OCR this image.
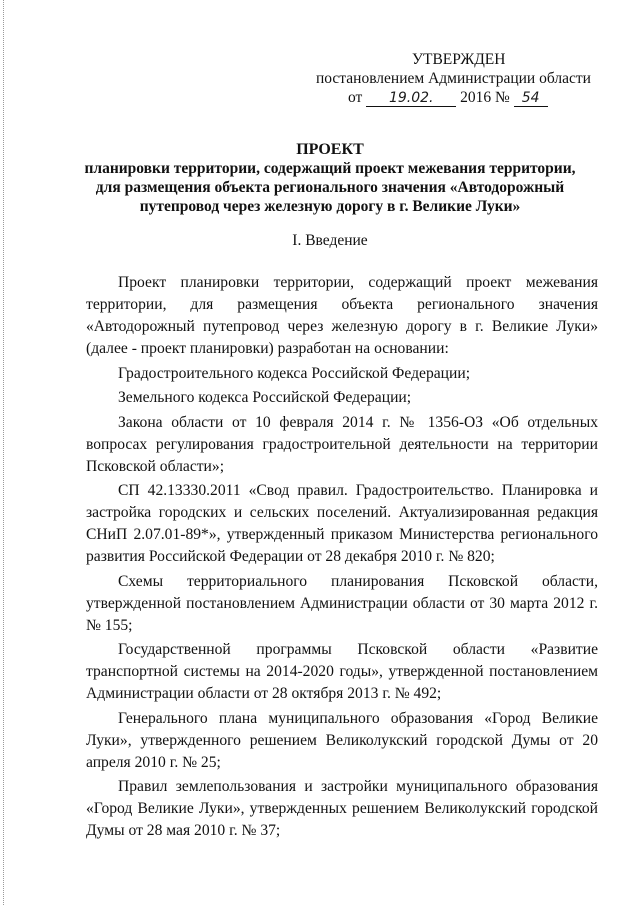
УТВЕРЖДЕН
постановлением Администрации области
от 19.02. 2016 № 54
ПРОЕКТ
планировки территории, содержащий проект межевания территории,
для размещения объекта регионального значения «Автодорожный
путепровод через железную дорогу в г. Великие Луки»
I. Введение

Проект планировки территории, содержащий проект межевания территории, для размещения объекта регионального значения «Автодорожный путепровод через железную дорогу в г. Великие Луки» (далее - проект планировки) разработан на основании:

Градостроительного кодекса Российской Федерации;

Земельного кодекса Российской Федерации;

Закона области от 10 февраля 2014 г. № 1356-ОЗ «Об отдельных вопросах регулирования градостроительной деятельности на территории Псковской области»;

СП 42.13330.2011 «Свод правил. Градостроительство. Планировка и застройка городских и сельских поселений. Актуализированная редакция СНиП 2.07.01-89*», утвержденный приказом Министерства регионального развития Российской Федерации от 28 декабря 2010 г. № 820;

Схемы территориального планирования Псковской области, утвержденной постановлением Администрации области от 30 марта 2012 г. № 155;

Государственной программы Псковской области «Развитие транспортной системы на 2014-2020 годы», утвержденной постановлением Администрации области от 28 октября 2013 г. № 492;

Генерального плана муниципального образования «Город Великие Луки», утвержденного решением Великолукский городской Думы от 20 апреля 2010 г. № 25;

Правил землепользования и застройки муниципального образования «Город Великие Луки», утвержденных решением Великолукский городской Думы от 28 мая 2010 г. № 37;
